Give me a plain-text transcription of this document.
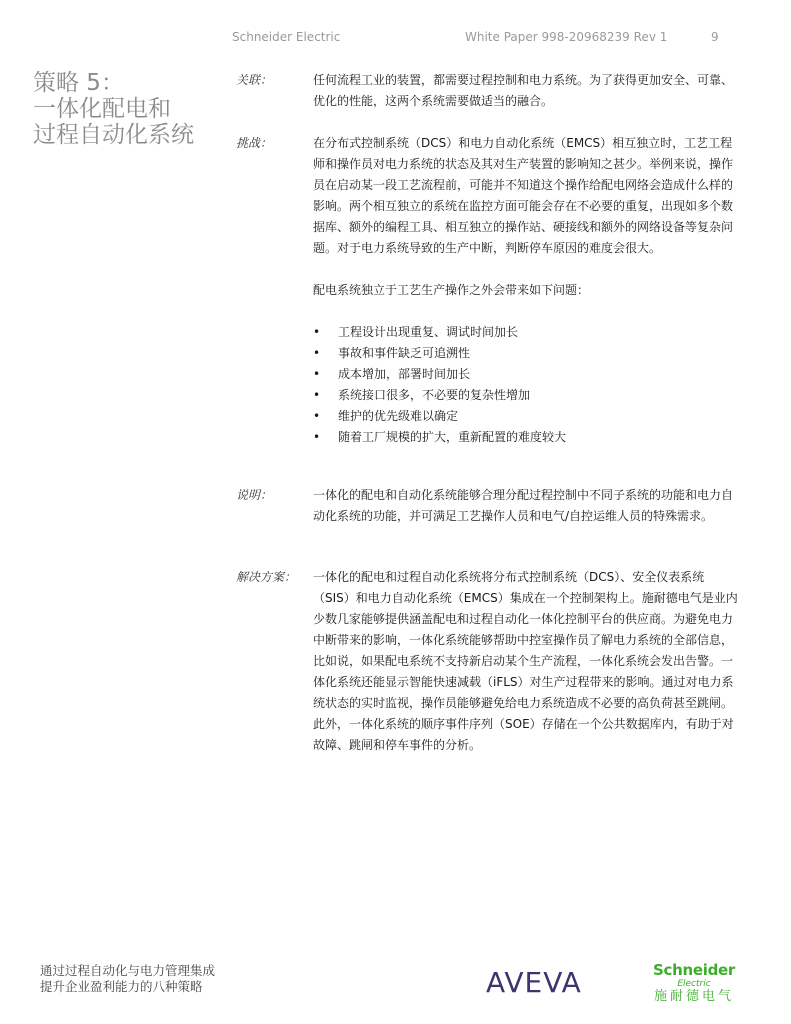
Schneider Electric	White Paper 998-20968239 Rev 1	9
策略 5：
一体化配电和
过程自动化系统
关联：	任何流程工业的装置，都需要过程控制和电力系统。为了获得更加安全、可靠、优化的性能，这两个系统需要做适当的融合。

挑战：	在分布式控制系统（DCS）和电力自动化系统（EMCS）相互独立时，工艺工程师和操作员对电力系统的状态及其对生产装置的影响知之甚少。举例来说，操作员在启动某一段工艺流程前，可能并不知道这个操作给配电网络会造成什么样的影响。两个相互独立的系统在监控方面可能会存在不必要的重复，出现如多个数据库、额外的编程工具、相互独立的操作站、硬接线和额外的网络设备等复杂问题。对于电力系统导致的生产中断，判断停车原因的难度会很大。

配电系统独立于工艺生产操作之外会带来如下问题：

• 工程设计出现重复、调试时间加长
• 事故和事件缺乏可追溯性
• 成本增加，部署时间加长
• 系统接口很多，不必要的复杂性增加
• 维护的优先级难以确定
• 随着工厂规模的扩大，重新配置的难度较大
说明：	一体化的配电和自动化系统能够合理分配过程控制中不同子系统的功能和电力自动化系统的功能，并可满足工艺操作人员和电气/自控运维人员的特殊需求。

解决方案：	一体化的配电和过程自动化系统将分布式控制系统（DCS）、安全仪表系统（SIS）和电力自动化系统（EMCS）集成在一个控制架构上。施耐德电气是业内少数几家能够提供涵盖配电和过程自动化一体化控制平台的供应商。为避免电力中断带来的影响，一体化系统能够帮助中控室操作员了解电力系统的全部信息，比如说，如果配电系统不支持新启动某个生产流程，一体化系统会发出告警。一体化系统还能显示智能快速减载（iFLS）对生产过程带来的影响。通过对电力系统状态的实时监视，操作员能够避免给电力系统造成不必要的高负荷甚至跳闸。此外，一体化系统的顺序事件序列（SOE）存储在一个公共数据库内，有助于对故障、跳闸和停车事件的分析。

通过过程自动化与电力管理集成
提升企业盈利能力的八种策略	AVEVA	Schneider
Electric
施耐德电气
